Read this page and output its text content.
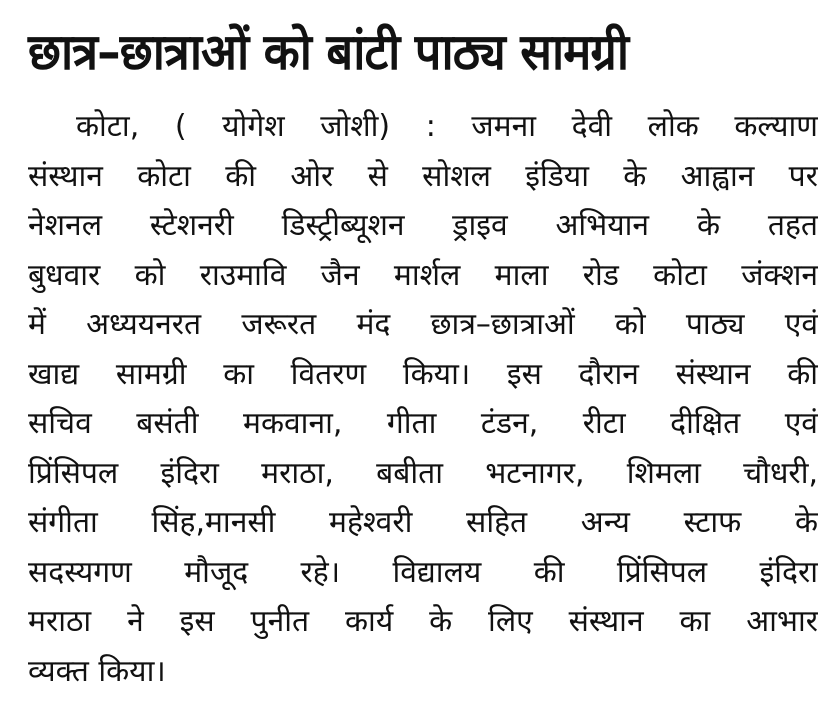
छात्र–छात्राओं को बांटी पाठ्य सामग्री
कोटा, ( योगेश जोशी) : जमना देवी लोक कल्याण
संस्थान कोटा की ओर से सोशल इंडिया के आह्वान पर
नेशनल स्टेशनरी डिस्ट्रीब्यूशन ड्राइव अभियान के तहत
बुधवार को राउमावि जैन मार्शल माला रोड कोटा जंक्शन
में अध्ययनरत जरूरत मंद छात्र–छात्राओं को पाठ्य एवं
खाद्य सामग्री का वितरण किया। इस दौरान संस्थान की
सचिव बसंती मकवाना, गीता टंडन, रीटा दीक्षित एवं
प्रिंसिपल इंदिरा मराठा, बबीता भटनागर, शिमला चौधरी,
संगीता सिंह,मानसी महेश्वरी सहित अन्य स्टाफ के
सदस्यगण मौजूद रहे। विद्यालय की प्रिंसिपल इंदिरा
मराठा ने इस पुनीत कार्य के लिए संस्थान का आभार
व्यक्त किया।
